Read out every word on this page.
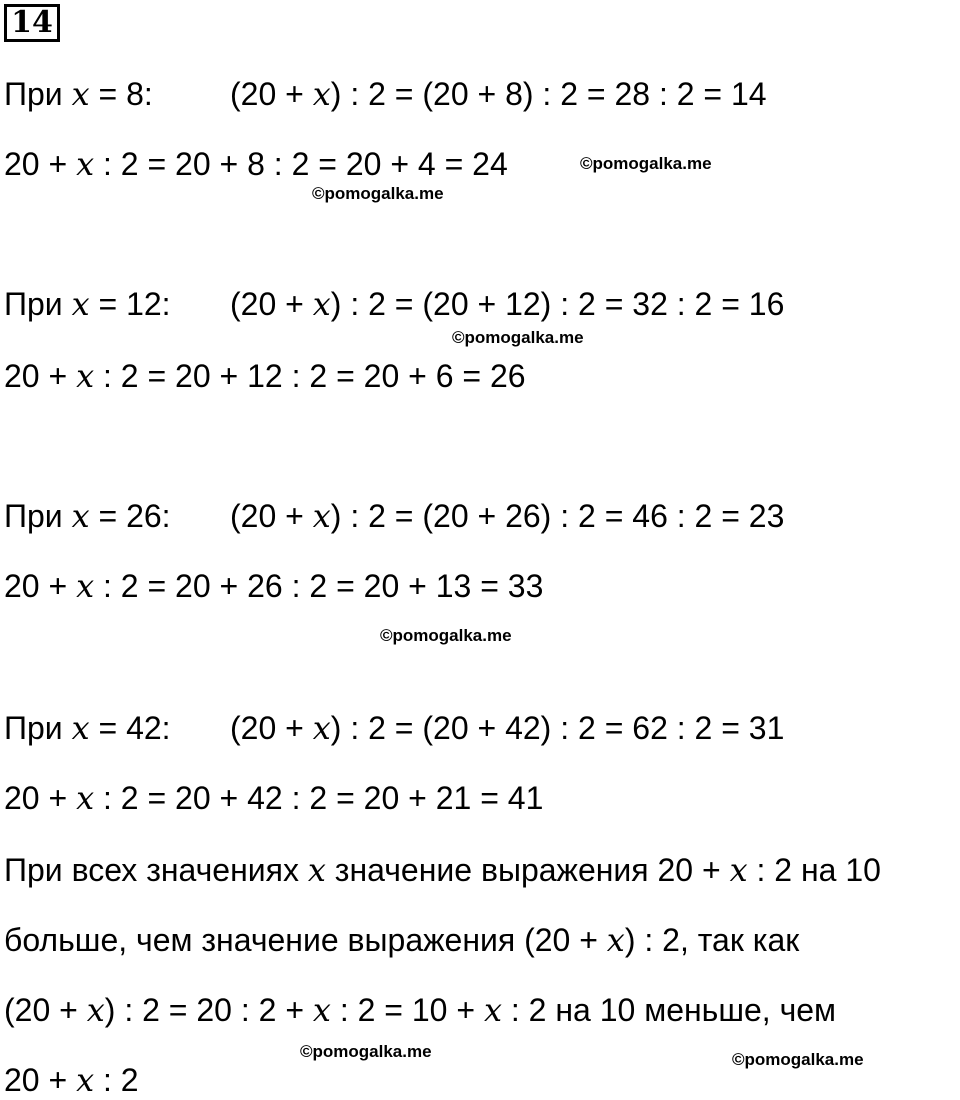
14
При 𝑥 = 8: (20 + 𝑥) : 2 = (20 + 8) : 2 = 28 : 2 = 14
20 + 𝑥 : 2 = 20 + 8 : 2 = 20 + 4 = 24	©pomogalka.me
©pomogalka.me
При 𝑥 = 12: (20 + 𝑥) : 2 = (20 + 12) : 2 = 32 : 2 = 16
©pomogalka.me
20 + 𝑥 : 2 = 20 + 12 : 2 = 20 + 6 = 26
При 𝑥 = 26: (20 + 𝑥) : 2 = (20 + 26) : 2 = 46 : 2 = 23
20 + 𝑥 : 2 = 20 + 26 : 2 = 20 + 13 = 33
©pomogalka.me
При 𝑥 = 42: (20 + 𝑥) : 2 = (20 + 42) : 2 = 62 : 2 = 31
20 + 𝑥 : 2 = 20 + 42 : 2 = 20 + 21 = 41
При всех значениях 𝑥 значение выражения 20 + 𝑥 : 2 на 10
больше, чем значение выражения (20 + 𝑥) : 2, так как
(20 + 𝑥) : 2 = 20 : 2 + 𝑥 : 2 = 10 + 𝑥 : 2 на 10 меньше, чем
©pomogalka.me	©pomogalka.me
20 + 𝑥 : 2
